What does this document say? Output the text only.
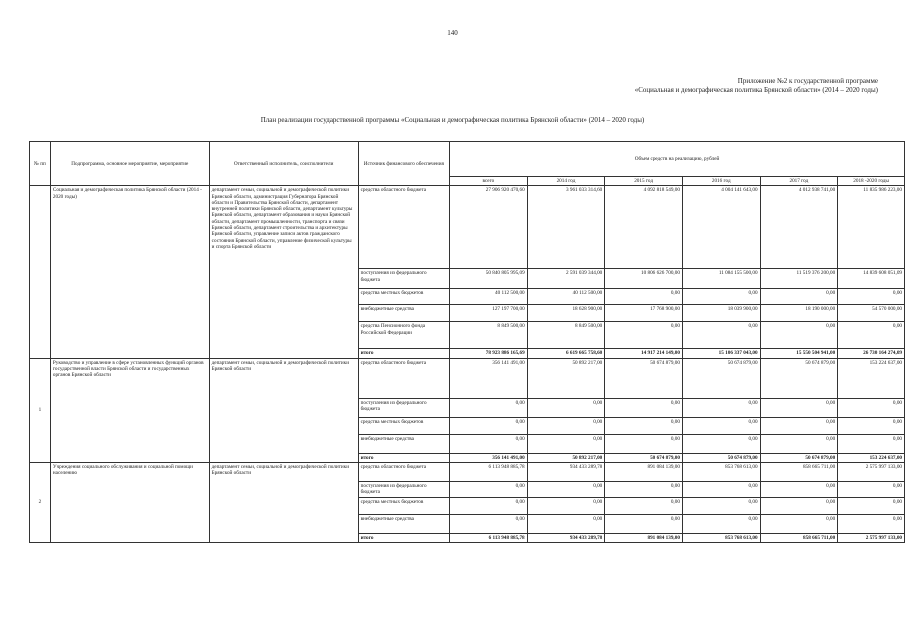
140
Приложение №2 к государственной программе
«Социальная и демографическая политика Брянской области» (2014 – 2020 годы)
План реализации государственной программы «Социальная и демографическая политика Брянской области» (2014 – 2020 годы)
№ пп	Подпрограмма, основное мероприятие, мероприятие	Ответственный исполнитель, соисполнители	Источник финансового обеспечения	Объем средств на реализацию, рублей					
				всего	2014 год	2015 год	2016 год	2017 год	2018 -2020 годы
	Социальная и демографическая политика Брянской области (2014 - 2020 годы)	департамент семьи, социальной и демографической политики Брянской области, администрация Губернатора Брянской области и Правительства Брянской области, департамент внутренней политики Брянской области, департамент культуры Брянской области, департамент образования и науки Брянской области, департамент промышленности, транспорта и связи Брянской области, департамент строительства и архитектуры Брянской области, управление записи актов гражданского состояния Брянской области, управление физической культуры и спорта Брянской области	средства областного бюджета	27 906 920 470,60	3 961 033 314,60	4 092 818 549,00	4 004 141 643,00	4 012 938 741,00	11 835 986 223,00
			поступления из федерального бюджета	50 840 805 995,09	2 591 039 344,00	10 806 626 700,00	11 084 155 500,00	11 519 376 200,00	14 839 608 051,09
			средства местных бюджетов	40 112 500,00	40 112 500,00	0,00	0,00	0,00	0,00
			внебюджетные средства	127 197 700,00	18 628 900,00	17 768 900,00	18 039 900,00	18 190 000,00	54 570 000,00
			средства Пенсионного фонда Российской Федерации	8 849 500,00	8 849 500,00	0,00	0,00	0,00	0,00
			итого	78 923 886 165,69	6 619 665 758,60	14 917 214 149,00	15 106 337 043,00	15 550 504 941,00	26 730 164 274,09
1	Руководство и управление в сфере установленных функций органов государственной власти Брянской области и государственных органов Брянской области	департамент семьи, социальной и демографической политики Брянской области	средства областного бюджета	356 141 491,00	50 892 217,00	50 674 879,00	50 674 879,00	50 674 879,00	153 224 637,00
			поступления из федерального бюджета	0,00	0,00	0,00	0,00	0,00	0,00
			средства местных бюджетов	0,00	0,00	0,00	0,00	0,00	0,00
			внебюджетные средства	0,00	0,00	0,00	0,00	0,00	0,00
			итого	356 141 491,00	50 892 217,00	50 674 879,00	50 674 879,00	50 674 879,00	153 224 637,00
2	Учреждения социального обслуживания и социальной помощи населению	департамент семьи, социальной и демографической политики Брянской области	средства областного бюджета	6 113 948 885,78	934 433 289,78	891 084 139,00	853 768 613,00	858 665 711,00	2 575 997 133,00
			поступления из федерального бюджета	0,00	0,00	0,00	0,00	0,00	0,00
			средства местных бюджетов	0,00	0,00	0,00	0,00	0,00	0,00
			внебюджетные средства	0,00	0,00	0,00	0,00	0,00	0,00
			итого	6 113 948 885,78	934 433 289,78	891 084 139,00	853 768 613,00	858 665 711,00	2 575 997 133,00
